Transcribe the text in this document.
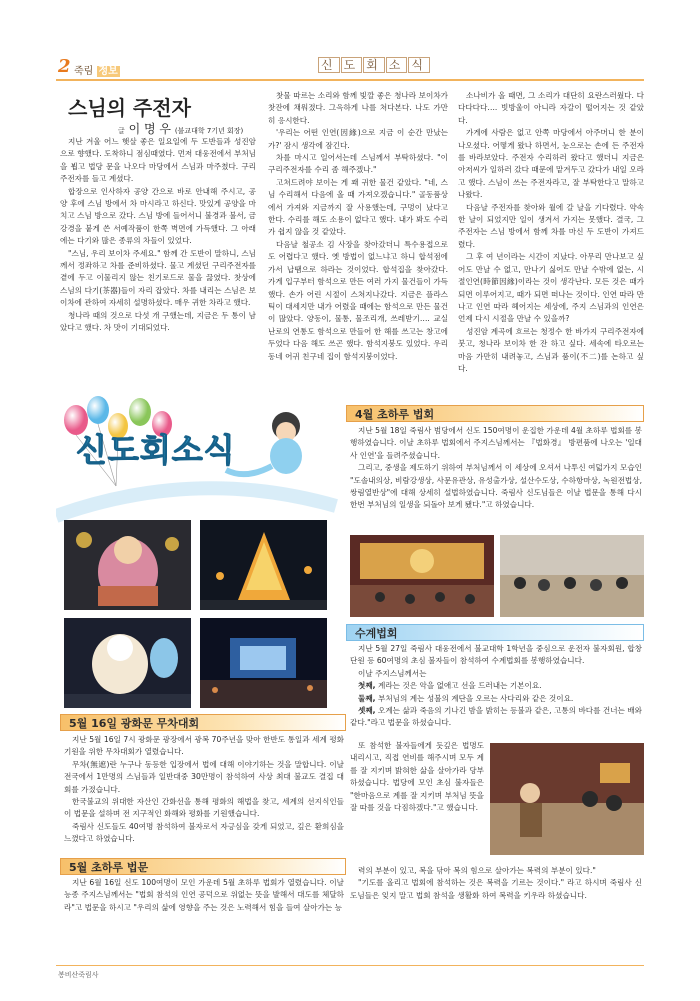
2 죽림 정보	신 도 회 소 식
스님의 주전자
글 이 명 우 (불교대학 7기년 회장)

지난 겨울 어느 햇살 좋은 일요일에 두 도반들과 성진암으로 향했다. 도착하니 점심때였다. 먼저 대웅전에서 부처님을 뵙고 법당 문을 나오다 마당에서 스님과 마주쳤다. 구리주전자를 들고 계셨다.

합장으로 인사하자 공양 간으로 바로 안내해 주시고, 공양 후에 스님 방에서 차 마시라고 하신다. 맛있게 공양을 마치고 스님 방으로 갔다. 스님 방에 들어서니 불경과 불서, 금강경을 붙게 쓴 서예작품이 한쪽 벽면에 가득했다. 그 아래에는 다기와 많은 종류의 차들이 있었다.

"스님, 우리 보이차 주세요." 함께 간 도반이 말하니, 스님께서 정좌하고 차를 준비하셨다. 물고 계셨던 구리주전자를 곁에 두고 이물리지 않는 친기로드로 물을 끓였다. 찻상에 스님의 다기(茶器)들이 자리 잡았다. 차를 내리는 스님은 보이차에 관하여 자세히 설명하셨다. 매우 귀한 차라고 했다.

청나라 때의 것으로 다섯 개 구했는데, 지금은 두 통이 남았다고 했다. 차 맛이 기대되었다.

찻물 따르는 소리와 함께 빛깔 좋은 청나라 보이차가 찻잔에 채워졌다. 그윽하게 나를 쳐다본다. 나도 가만히 응시한다.

'우리는 어떤 인연(因緣)으로 지금 이 순간 만났는가?' 잠시 생각에 잠긴다.

차를 마시고 일어서는데 스님께서 부탁하셨다. "이 구리주전자를 수리 좀 해주겠나."

고쳐드려야 보이는 게 꽤 귀한 물건 같았다. "네, 스님 수리해서 다음에 올 때 가져오겠습니다." 골동품상에서 가져와 지금까지 잘 사용했는데, 구멍이 났다고 한다. 수리를 해도 소용이 없다고 했다. 내가 봐도 수리가 쉽지 않을 것 같았다.

다음날 철공소 김 사장을 찾아갔더니 특수용접으로도 어렵다고 했다. 옛 방법이 없느냐고 하니 합석점에 가서 납땜으로 하라는 것이었다. 합석집을 찾아갔다. 가게 입구부터 함석으로 만든 여러 가지 물건들이 가득했다. 손가 어린 시절이 스쳐지나갔다. 지금은 플라스틱이 대세지만 내가 어렸을 때에는 함석으로 만든 물건이 많았다. 양동이, 물통, 물조리개, 쓰레받기…. 교실 난로의 연통도 함석으로 만들어 한 해를 쓰고는 창고에 두었다 다음 해도 쓰곤 했다. 함석지붕도 있었다. 우리 동네 어귀 친구네 집이 함석지붕이었다.

소나비가 올 때면, 그 소리가 대단히 요란스러웠다. 다다다다다…. 빗방울이 아니라 자갈이 떨어지는 것 같았다.

가게에 사람은 없고 안쪽 마당에서 아주머니 한 분이 나오셨다. 어떻게 왔나 하면서, 눈으로는 손에 든 주전자를 바라보았다. 주전자 수리하러 왔다고 했더니 지금은 아저씨가 일하러 갔다 때문에 맡겨두고 갔다가 내일 오라고 했다. 스님이 쓰는 주전자라고, 잘 부탁한다고 말하고 나왔다.

다음날 주전자를 찾아와 월에 갈 날을 기다렸다. 약속한 날이 되었지만 일이 생겨서 가지는 못했다. 결국, 그 주전자는 스님 방에서 함께 차를 마신 두 도반이 가져드렸다.

그 후 여 년이라는 시간이 지났다. 아무리 만나보고 싶어도 만날 수 없고, 만나기 싫어도 만날 수밖에 없는, 시절인연(時節因緣)이라는 것이 생각난다. 모든 것은 때가 되면 이루어지고, 때가 되면 떠나는 것이다. 인연 따라 만나고 인연 따라 헤어지는 세상에, 주지 스님과의 인연은 언제 다시 시절을 만날 수 있을까?

성진암 계곡에 흐르는 청정수 한 바가지 구리주전자에 붓고, 청나라 보이차 한 잔 하고 싶다. 세속에 타오르는 마음 가만히 내려놓고, 스님과 품이(不二)를 논하고 싶다.

신도회소식
4월 초하루 법회

지난 5월 18일 죽림사 범당에서 신도 150여명이 운집한 가운데 4월 초하루 법회를 봉행하였습니다. 이날 초하루 법회에서 주지스님께서는 『법화경』 방편품에 나오는 '일대사 인연'을 들려주셨습니다.

그리고, 중생을 제도하기 위하여 부처님께서 이 세상에 오셔서 나투신 여덟가지 모습인 "도솔내의상, 비람강생상, 사문유관상, 유성출가상, 설산수도상, 수하항마상, 녹원전법상, 쌍림열반상"에 대해 상세히 설법하였습니다. 죽림사 신도님들은 이날 법문을 통해 다시 한번 부처님의 일생을 되돌아 보게 됐다."고 하였습니다.

수계법회

지난 5월 27일 죽림사 대웅전에서 불교대학 1학년을 중심으로 운전자 불자회원, 합창단원 등 60여명의 초심 불자들이 참석하여 수계법회를 봉행하였습니다.

이날 주지스님께서는

첫째, 계라는 것은 악을 없애고 선을 드러내는 기본이요.

둘째, 부처님의 계는 성불의 계단을 오르는 사다리와 같은 것이요.

셋째, 오계는 삶과 죽음의 기나긴 밤을 밝히는 등불과 같은, 고통의 바다를 건너는 배와 같다."라고 법문을 하셨습니다.

또 참석한 불자들에게 듯깊은 법명도 내리시고, 직접 연비를 해주시며 모두 계를 잘 지키며 밝혀한 삶을 살아가라 당부하셨습니다. 법당에 모인 초심 불자들은 "한마음으로 계를 잘 지키며 부처님 뜻을 잘 따를 것을 다짐하겠다."고 했습니다.

5월 16일 광화문 무차대회

지난 5월 16일 7시 광화문 광장에서 광복 70주년을 맞아 한반도 통일과 세계 평화 기원을 위한 무차대회가 열렸습니다.

무차(無遮)란 누구나 동등한 입장에서 법에 대해 이야기하는 것을 말합니다. 이날 전국에서 1만명의 스님들과 일반대중 30만명이 참석하여 사상 최대 불교도 결집 대회를 가졌습니다.

한국불교의 위대한 자산인 간화선을 통해 평화의 해법을 찾고, 세계의 선지식인들이 법문을 설하며 전 지구적인 화해와 평화를 기원했습니다.

죽림사 신도들도 40여명 참석하여 불자로서 자긍심을 갖게 되었고, 깊은 환희심을 느꼈다고 하였습니다.

5월 초하루 법문

지난 6월 16일 신도 100여명이 모인 가운데 5월 초하루 법회가 열렸습니다. 이날 능종 주지스님께서는 "법회 참석의 인연 공덕으로 위없는 뜻을 발해서 대도를 체달하라"고 법문을 하시고 "우리의 삶에 영향을 주는 것은 노력해서 힘을 들여 살아가는 능

력의 부분이 있고, 복을 닦아 복의 힘으로 살아가는 복력의 부분이 있다."

"기도를 올리고 법회에 참석하는 것은 복력을 기르는 것이다." 라고 하시며 죽림사 신도님들은 잊지 말고 법회 참석을 생활화 하여 복력을 키우라 하셨습니다.

봉비산죽림사
